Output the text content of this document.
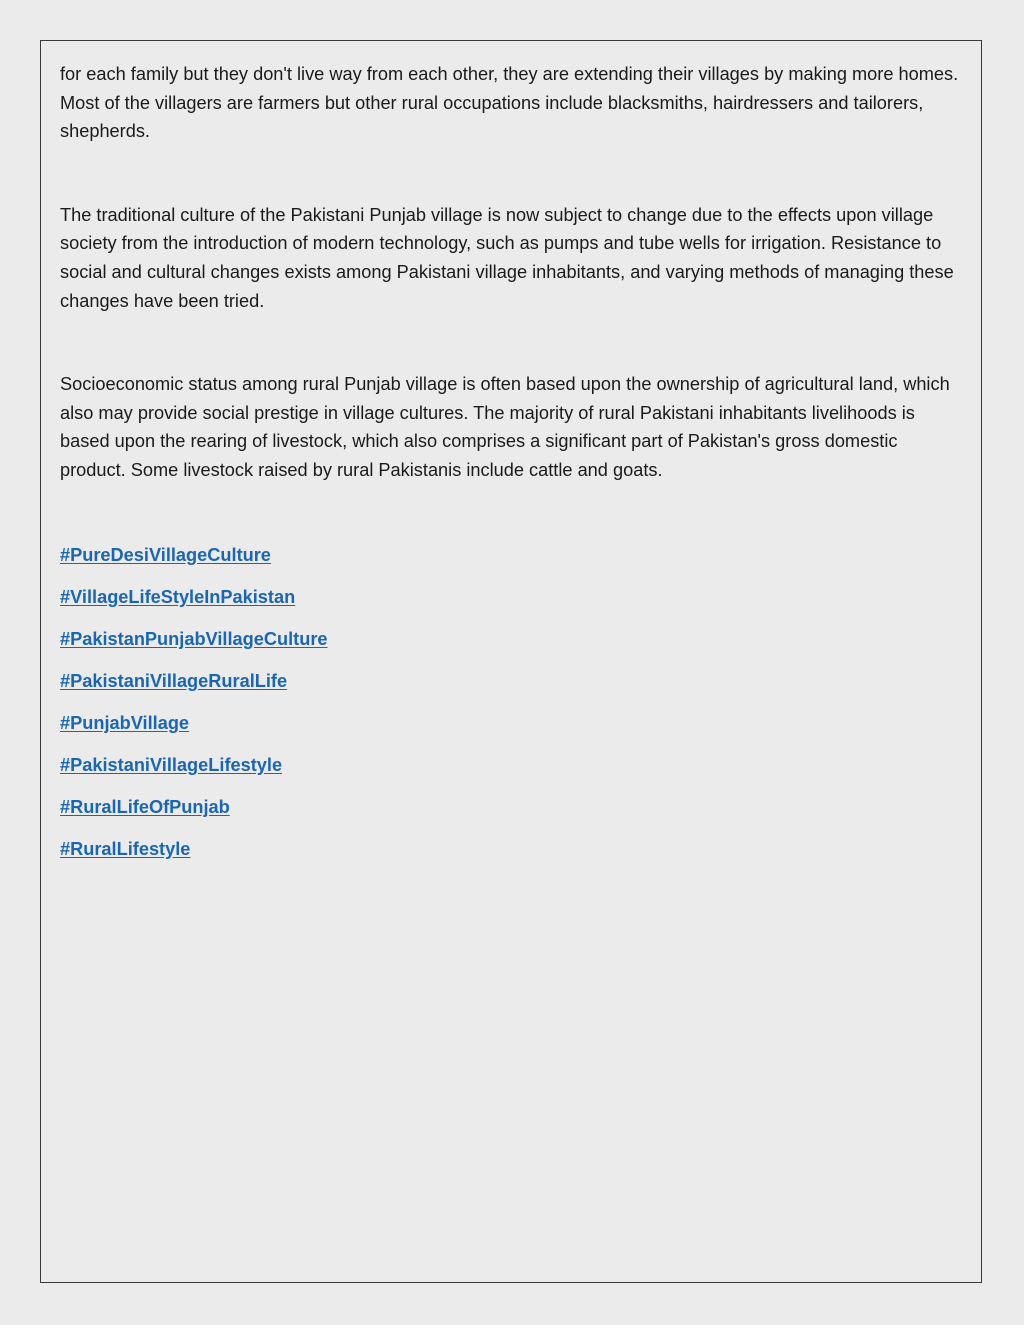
for each family but they don't live way from each other, they are extending their villages by making more homes. Most of the villagers are farmers but other rural occupations include blacksmiths, hairdressers and tailorers, shepherds.

The traditional culture of the Pakistani Punjab village is now subject to change due to the effects upon village society from the introduction of modern technology, such as pumps and tube wells for irrigation. Resistance to social and cultural changes exists among Pakistani village inhabitants, and varying methods of managing these changes have been tried.

Socioeconomic status among rural Punjab village is often based upon the ownership of agricultural land, which also may provide social prestige in village cultures. The majority of rural Pakistani inhabitants livelihoods is based upon the rearing of livestock, which also comprises a significant part of Pakistan's gross domestic product. Some livestock raised by rural Pakistanis include cattle and goats.

#PureDesiVillageCulture
#VillageLifeStyleInPakistan
#PakistanPunjabVillageCulture
#PakistaniVillageRuralLife
#PunjabVillage
#PakistaniVillageLifestyle
#RuralLifeOfPunjab
#RuralLifestyle
